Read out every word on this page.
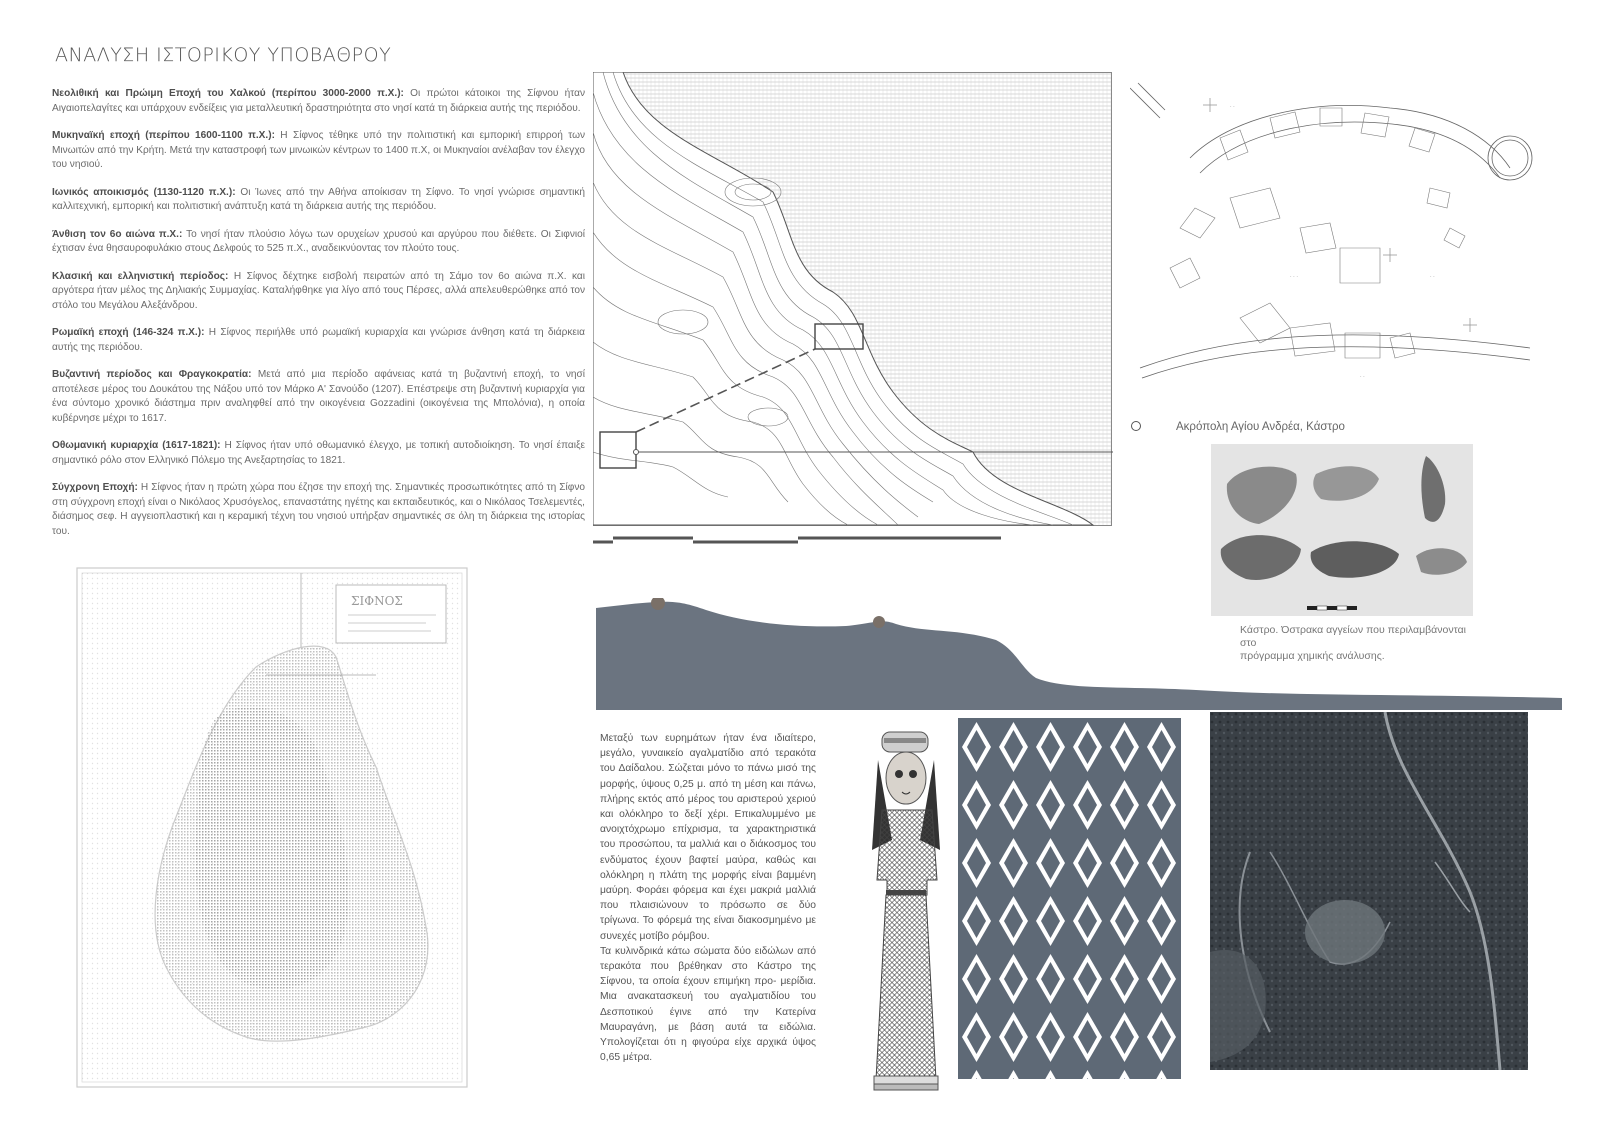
ΑΝΑΛΥΣΗ ΙΣΤΟΡΙΚΟΥ ΥΠΟΒΑΘΡΟΥ

Νεολιθική και Πρώιμη Εποχή του Χαλκού (περίπου 3000-2000 π.Χ.): Οι πρώτοι κάτοικοι της Σίφνου ήταν Αιγαιοπελαγίτες και υπάρχουν ενδείξεις για μεταλλευτική δραστηριότητα στο νησί κατά τη διάρκεια αυτής της περιόδου.

Μυκηναϊκή εποχή (περίπου 1600-1100 π.Χ.): Η Σίφνος τέθηκε υπό την πολιτιστική και εμπορική επιρροή των Μινωιτών από την Κρήτη. Μετά την καταστροφή των μινωικών κέντρων το 1400 π.Χ, οι Μυκηναίοι ανέλαβαν τον έλεγχο του νησιού.

Ιωνικός αποικισμός (1130-1120 π.Χ.): Οι Ίωνες από την Αθήνα αποίκισαν τη Σίφνο. Το νησί γνώρισε σημαντική καλλιτεχνική, εμπορική και πολιτιστική ανάπτυξη κατά τη διάρκεια αυτής της περιόδου.

Άνθιση τον 6ο αιώνα π.Χ.: Το νησί ήταν πλούσιο λόγω των ορυχείων χρυσού και αργύρου που διέθετε. Οι Σιφνιοί έχτισαν ένα θησαυροφυλάκιο στους Δελφούς το 525 π.Χ., αναδεικνύοντας τον πλούτο τους.

Κλασική και ελληνιστική περίοδος: Η Σίφνος δέχτηκε εισβολή πειρατών από τη Σάμο τον 6ο αιώνα π.Χ. και αργότερα ήταν μέλος της Δηλιακής Συμμαχίας. Καταλήφθηκε για λίγο από τους Πέρσες, αλλά απελευθερώθηκε από τον στόλο του Μεγάλου Αλεξάνδρου.

Ρωμαϊκή εποχή (146-324 π.Χ.): Η Σίφνος περιήλθε υπό ρωμαϊκή κυριαρχία και γνώρισε άνθηση κατά τη διάρκεια αυτής της περιόδου.

Βυζαντινή περίοδος και Φραγκοκρατία: Μετά από μια περίοδο αφάνειας κατά τη βυζαντινή εποχή, το νησί αποτέλεσε μέρος του Δουκάτου της Νάξου υπό τον Μάρκο Α' Σανούδο (1207). Επέστρεψε στη βυζαντινή κυριαρχία για ένα σύντομο χρονικό διάστημα πριν αναληφθεί από την οικογένεια Gozzadini (οικογένεια της Μπολόνια), η οποία κυβέρνησε μέχρι το 1617.

Οθωμανική κυριαρχία (1617-1821): Η Σίφνος ήταν υπό οθωμανικό έλεγχο, με τοπική αυτοδιοίκηση. Το νησί έπαιξε σημαντικό ρόλο στον Ελληνικό Πόλεμο της Ανεξαρτησίας το 1821.

Σύγχρονη Εποχή: Η Σίφνος ήταν η πρώτη χώρα που έζησε την εποχή της. Σημαντικές προσωπικότητες από τη Σίφνο στη σύγχρονη εποχή είναι ο Νικόλαος Χρυσόγελος, επαναστάτης ηγέτης και εκπαιδευτικός, και ο Νικόλαος Τσελεμεντές, διάσημος σεφ. Η αγγειοπλαστική και η κεραμική τέχνη του νησιού υπήρξαν σημαντικές σε όλη τη διάρκεια της ιστορίας του.

ΣΙΦΝΟΣ
· ·
· · ·	· ·
· ·
Ακρόπολη Αγίου Ανδρέα, Κάστρο
Κάστρο. Όστρακα αγγείων που περιλαμβάνονται στο
πρόγραμμα χημικής ανάλυσης.

Μεταξύ των ευρημάτων ήταν ένα ιδιαίτερο, μεγάλο, γυναικείο αγαλματίδιο από τερακότα του Δαίδαλου. Σώζεται μόνο το πάνω μισό της μορφής, ύψους 0,25 μ. από τη μέση και πάνω, πλήρης εκτός από μέρος του αριστερού χεριού και ολόκληρο το δεξί χέρι. Επικαλυμμένο με ανοιχτόχρωμο επίχρισμα, τα χαρακτηριστικά του προσώπου, τα μαλλιά και ο διάκοσμος του ενδύματος έχουν βαφτεί μαύρα, καθώς και ολόκληρη η πλάτη της μορφής είναι βαμμένη μαύρη. Φοράει φόρεμα και έχει μακριά μαλλιά που πλαισιώνουν το πρόσωπο σε δύο τρίγωνα. Το φόρεμά της είναι διακοσμημένο με συνεχές μοτίβο ρόμβου.

Τα κυλινδρικά κάτω σώματα δύο ειδώλων από τερακότα που βρέθηκαν στο Κάστρο της Σίφνου, τα οποία έχουν επιμήκη προ- μερίδια. Μια ανακατασκευή του αγαλματιδίου του Δεσποτικού έγινε από την Κατερίνα Μαυραγάνη, με βάση αυτά τα ειδώλια. Υπολογίζεται ότι η φιγούρα είχε αρχικά ύψος 0,65 μέτρα.
